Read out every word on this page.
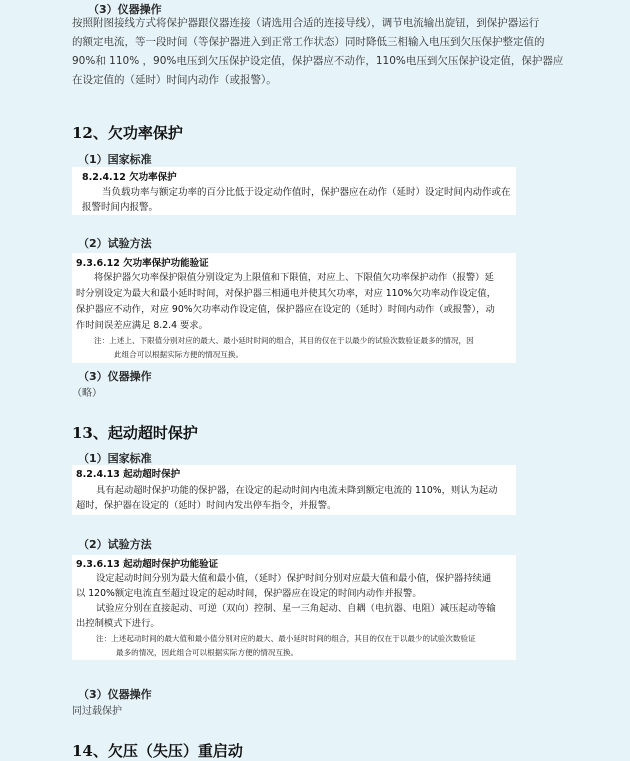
（3）仪器操作
按照附图接线方式将保护器跟仪器连接（请选用合适的连接导线），调节电流输出旋钮，到保护器运行
的额定电流，等一段时间（等保护器进入到正常工作状态）同时降低三相输入电压到欠压保护整定值的
90%和 110% ，90%电压到欠压保护设定值，保护器应不动作，110%电压到欠压保护设定值，保护器应
在设定值的（延时）时间内动作（或报警）。
12、欠功率保护
（1）国家标准
8.2.4.12 欠功率保护
当负载功率与额定功率的百分比低于设定动作值时，保护器应在动作（延时）设定时间内动作或在
报警时间内报警。
（2）试验方法
9.3.6.12 欠功率保护功能验证
将保护器欠功率保护限值分别设定为上限值和下限值，对应上、下限值欠功率保护动作（报警）延
时分别设定为最大和最小延时时间，对保护器三相通电并使其欠功率，对应 110%欠功率动作设定值，
保护器应不动作，对应 90%欠功率动作设定值，保护器应在设定的（延时）时间内动作（或报警），动
作时间误差应满足 8.2.4 要求。
注：上述上、下限值分别对应的最大、最小延时时间的组合，其目的仅在于以最少的试验次数验证最多的情况，因
此组合可以根据实际方便的情况互换。
（3）仪器操作
（略）
13、起动超时保护
（1）国家标准
8.2.4.13 起动超时保护
具有起动超时保护功能的保护器，在设定的起动时间内电流未降到额定电流的 110%，则认为起动
超时，保护器在设定的（延时）时间内发出停车指令，并报警。
（2）试验方法
9.3.6.13 起动超时保护功能验证
设定起动时间分别为最大值和最小值，（延时）保护时间分别对应最大值和最小值，保护器持续通
以 120%额定电流直至超过设定的起动时间，保护器应在设定的时间内动作并报警。
试验应分别在直接起动、可逆（双向）控制、星一三角起动、自耦（电抗器、电阻）减压起动等输
出控制模式下进行。
注：上述起动时间的最大值和最小值分别对应的最大、最小延时时间的组合，其目的仅在于以最少的试验次数验证
最多的情况，因此组合可以根据实际方便的情况互换。
（3）仪器操作
同过载保护
14、欠压（失压）重启动
